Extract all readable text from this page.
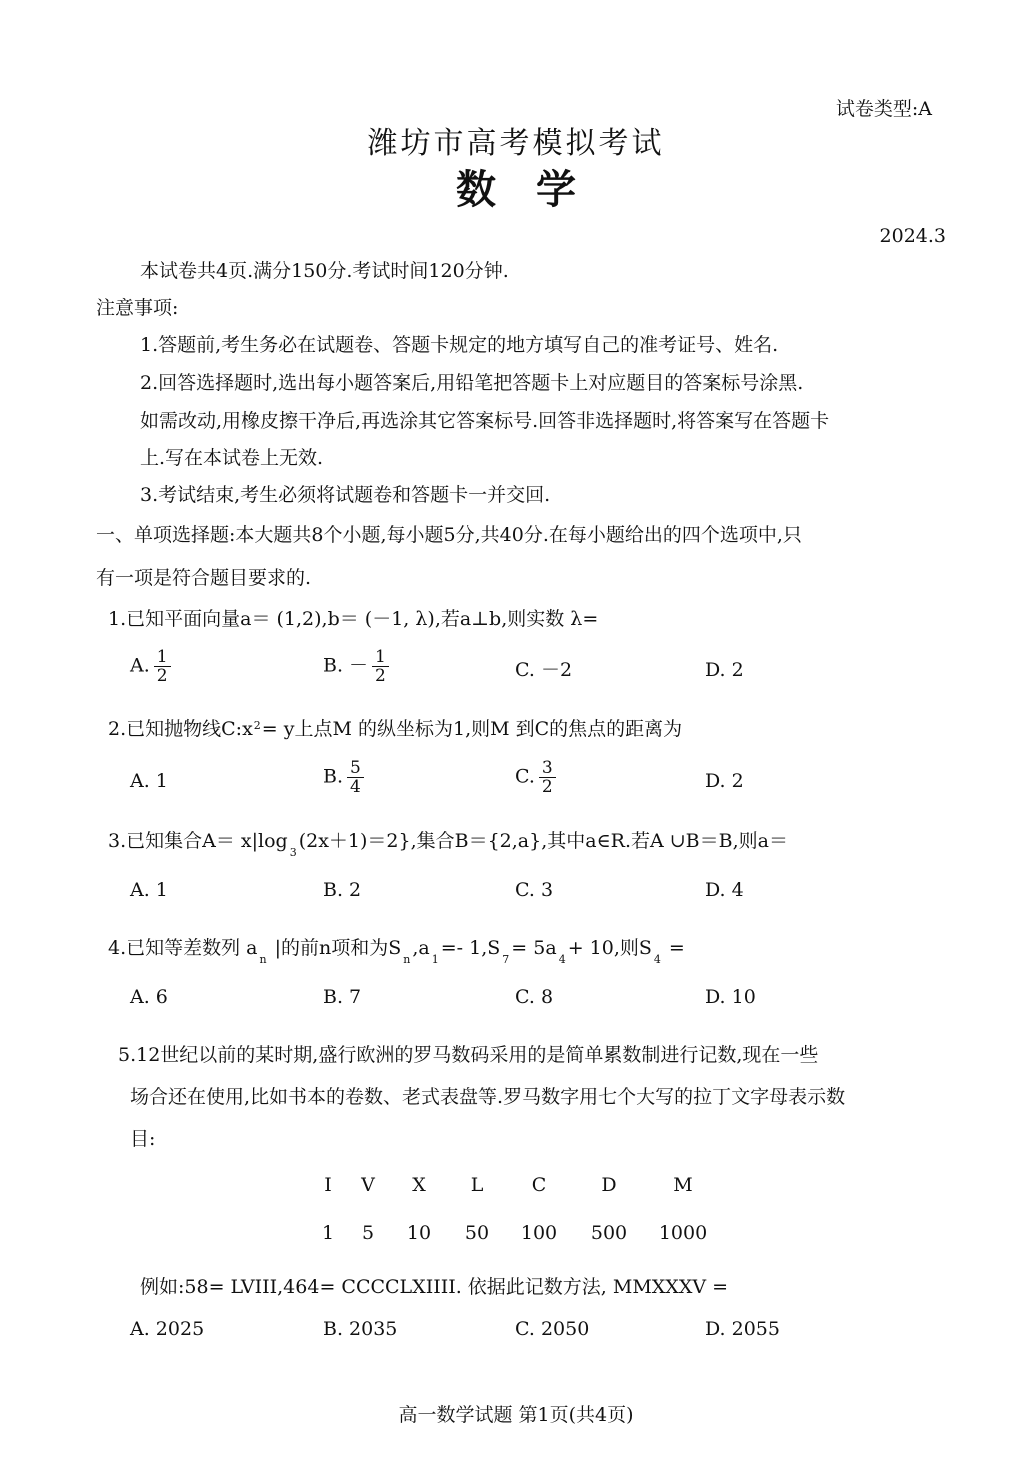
试卷类型:A
潍坊市高考模拟考试
数　学
2024.3
本试卷共4页.满分150分.考试时间120分钟.
注意事项:
1.答题前,考生务必在试题卷、答题卡规定的地方填写自己的准考证号、姓名.
2.回答选择题时,选出每小题答案后,用铅笔把答题卡上对应题目的答案标号涂黑.
如需改动,用橡皮擦干净后,再选涂其它答案标号.回答非选择题时,将答案写在答题卡
上.写在本试卷上无效.
3.考试结束,考生必须将试题卷和答题卡一并交回.
一、单项选择题:本大题共8个小题,每小题5分,共40分.在每小题给出的四个选项中,只
有一项是符合题目要求的.
1.已知平面向量a＝ (1,2),b＝ (－1, λ),若a⊥b,则实数 λ=
A. $\frac{1}{2}$	B. － $\frac{1}{2}$	C. －2	D. 2
2.已知抛物线$C:x^2= y$上点M 的纵坐标为1,则M 到C的焦点的距离为
A. 1	B. $\frac{5}{4}$	C. $\frac{3}{2}$	D. 2
3.已知集合$A= x|\log_3(2x+1)=2$},集合B＝{2,a},其中a∈R.若A ∪B＝B,则a＝
A. 1	B. 2	C. 3	D. 4
4.已知等差数列 $a_n$ |的前n项和为$S_n,a_1=-$ $1,S_7= 5a_4+ 10$,则$S_4$ =
A. 6	B. 7	C. 8	D. 10
5.12世纪以前的某时期,盛行欧洲的罗马数码采用的是简单累数制进行记数,现在一些
场合还在使用,比如书本的卷数、老式表盘等.罗马数字用七个大写的拉丁文字母表示数
目:
I V X L	C	D	M
1 5 10 50 100 500 1000
例如:58= LVIII,464= CCCCLXIIII. 依据此记数方法, MMXXXV =
A. 2025	B. 2035	C. 2050	D. 2055
高一数学试题 第1页(共4页)
